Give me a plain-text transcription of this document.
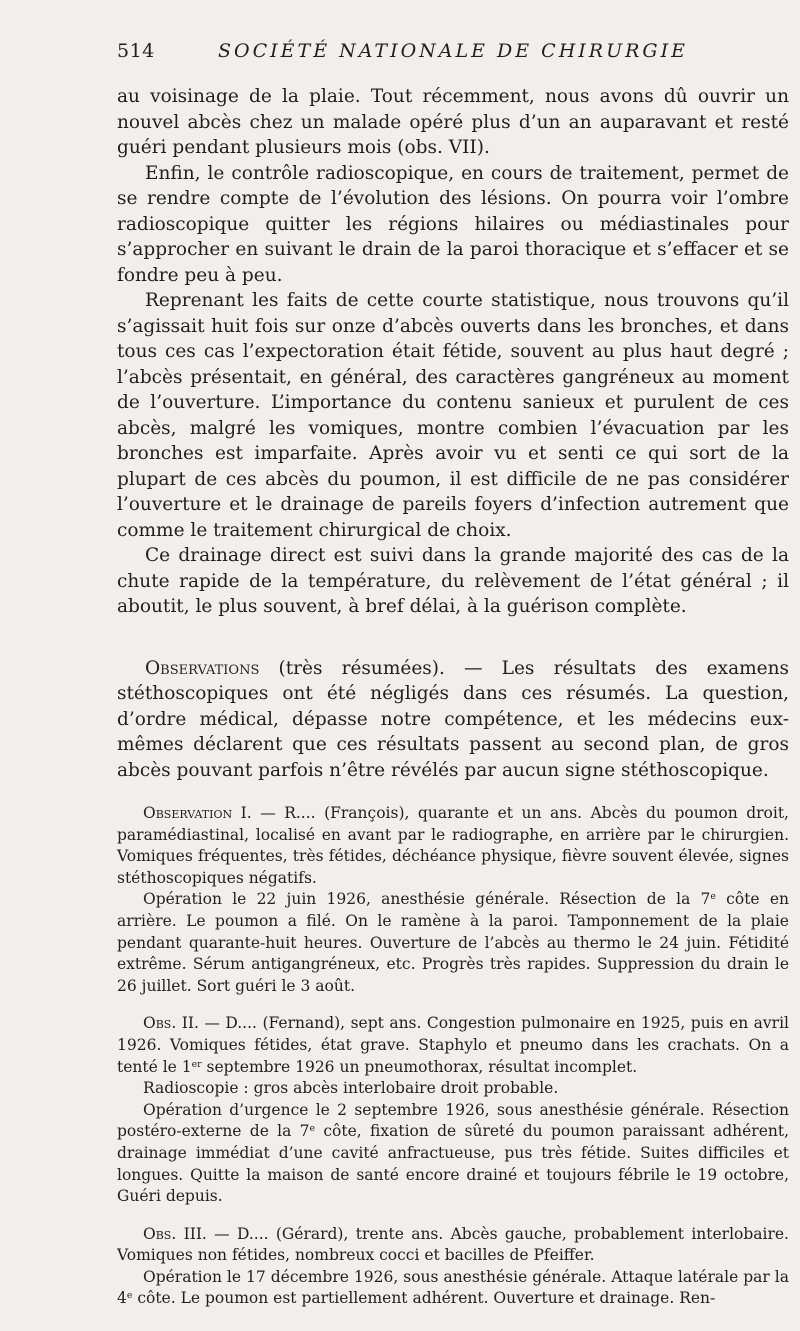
514	SOCIÉTÉ NATIONALE DE CHIRURGIE

au voisinage de la plaie. Tout récemment, nous avons dû ouvrir un nouvel abcès chez un malade opéré plus d’un an auparavant et resté guéri pendant plusieurs mois (obs. VII).

Enfin, le contrôle radioscopique, en cours de traitement, permet de se rendre compte de l’évolution des lésions. On pourra voir l’ombre radioscopique quitter les régions hilaires ou médiastinales pour s’approcher en suivant le drain de la paroi thoracique et s’effacer et se fondre peu à peu.

Reprenant les faits de cette courte statistique, nous trouvons qu’il s’agissait huit fois sur onze d’abcès ouverts dans les bronches, et dans tous ces cas l’expectoration était fétide, souvent au plus haut degré ; l’abcès présentait, en général, des caractères gangréneux au moment de l’ouverture. L’importance du contenu sanieux et purulent de ces abcès, malgré les vomiques, montre combien l’évacuation par les bronches est imparfaite. Après avoir vu et senti ce qui sort de la plupart de ces abcès du poumon, il est difficile de ne pas considérer l’ouverture et le drainage de pareils foyers d’infection autrement que comme le traitement chirurgical de choix.

Ce drainage direct est suivi dans la grande majorité des cas de la chute rapide de la température, du relèvement de l’état général ; il aboutit, le plus souvent, à bref délai, à la guérison complète.

Observations (très résumées). — Les résultats des examens stéthoscopiques ont été négligés dans ces résumés. La question, d’ordre médical, dépasse notre compétence, et les médecins eux-mêmes déclarent que ces résultats passent au second plan, de gros abcès pouvant parfois n’être révélés par aucun signe stéthoscopique.

Observation I. — R.... (François), quarante et un ans. Abcès du poumon droit, paramédiastinal, localisé en avant par le radiographe, en arrière par le chirurgien. Vomiques fréquentes, très fétides, déchéance physique, fièvre souvent élevée, signes stéthoscopiques négatifs.

Opération le 22 juin 1926, anesthésie générale. Résection de la 7e côte en arrière. Le poumon a filé. On le ramène à la paroi. Tamponnement de la plaie pendant quarante-huit heures. Ouverture de l’abcès au thermo le 24 juin. Fétidité extrême. Sérum antigangréneux, etc. Progrès très rapides. Suppression du drain le 26 juillet. Sort guéri le 3 août.

Obs. II. — D.... (Fernand), sept ans. Congestion pulmonaire en 1925, puis en avril 1926. Vomiques fétides, état grave. Staphylo et pneumo dans les crachats. On a tenté le 1er septembre 1926 un pneumothorax, résultat incomplet.

Radioscopie : gros abcès interlobaire droit probable.

Opération d’urgence le 2 septembre 1926, sous anesthésie générale. Résection postéro-externe de la 7e côte, fixation de sûreté du poumon paraissant adhérent, drainage immédiat d’une cavité anfractueuse, pus très fétide. Suites difficiles et longues. Quitte la maison de santé encore drainé et toujours fébrile le 19 octobre, Guéri depuis.

Obs. III. — D.... (Gérard), trente ans. Abcès gauche, probablement interlobaire. Vomiques non fétides, nombreux cocci et bacilles de Pfeiffer.

Opération le 17 décembre 1926, sous anesthésie générale. Attaque latérale par la 4e côte. Le poumon est partiellement adhérent. Ouverture et drainage. Ren-
